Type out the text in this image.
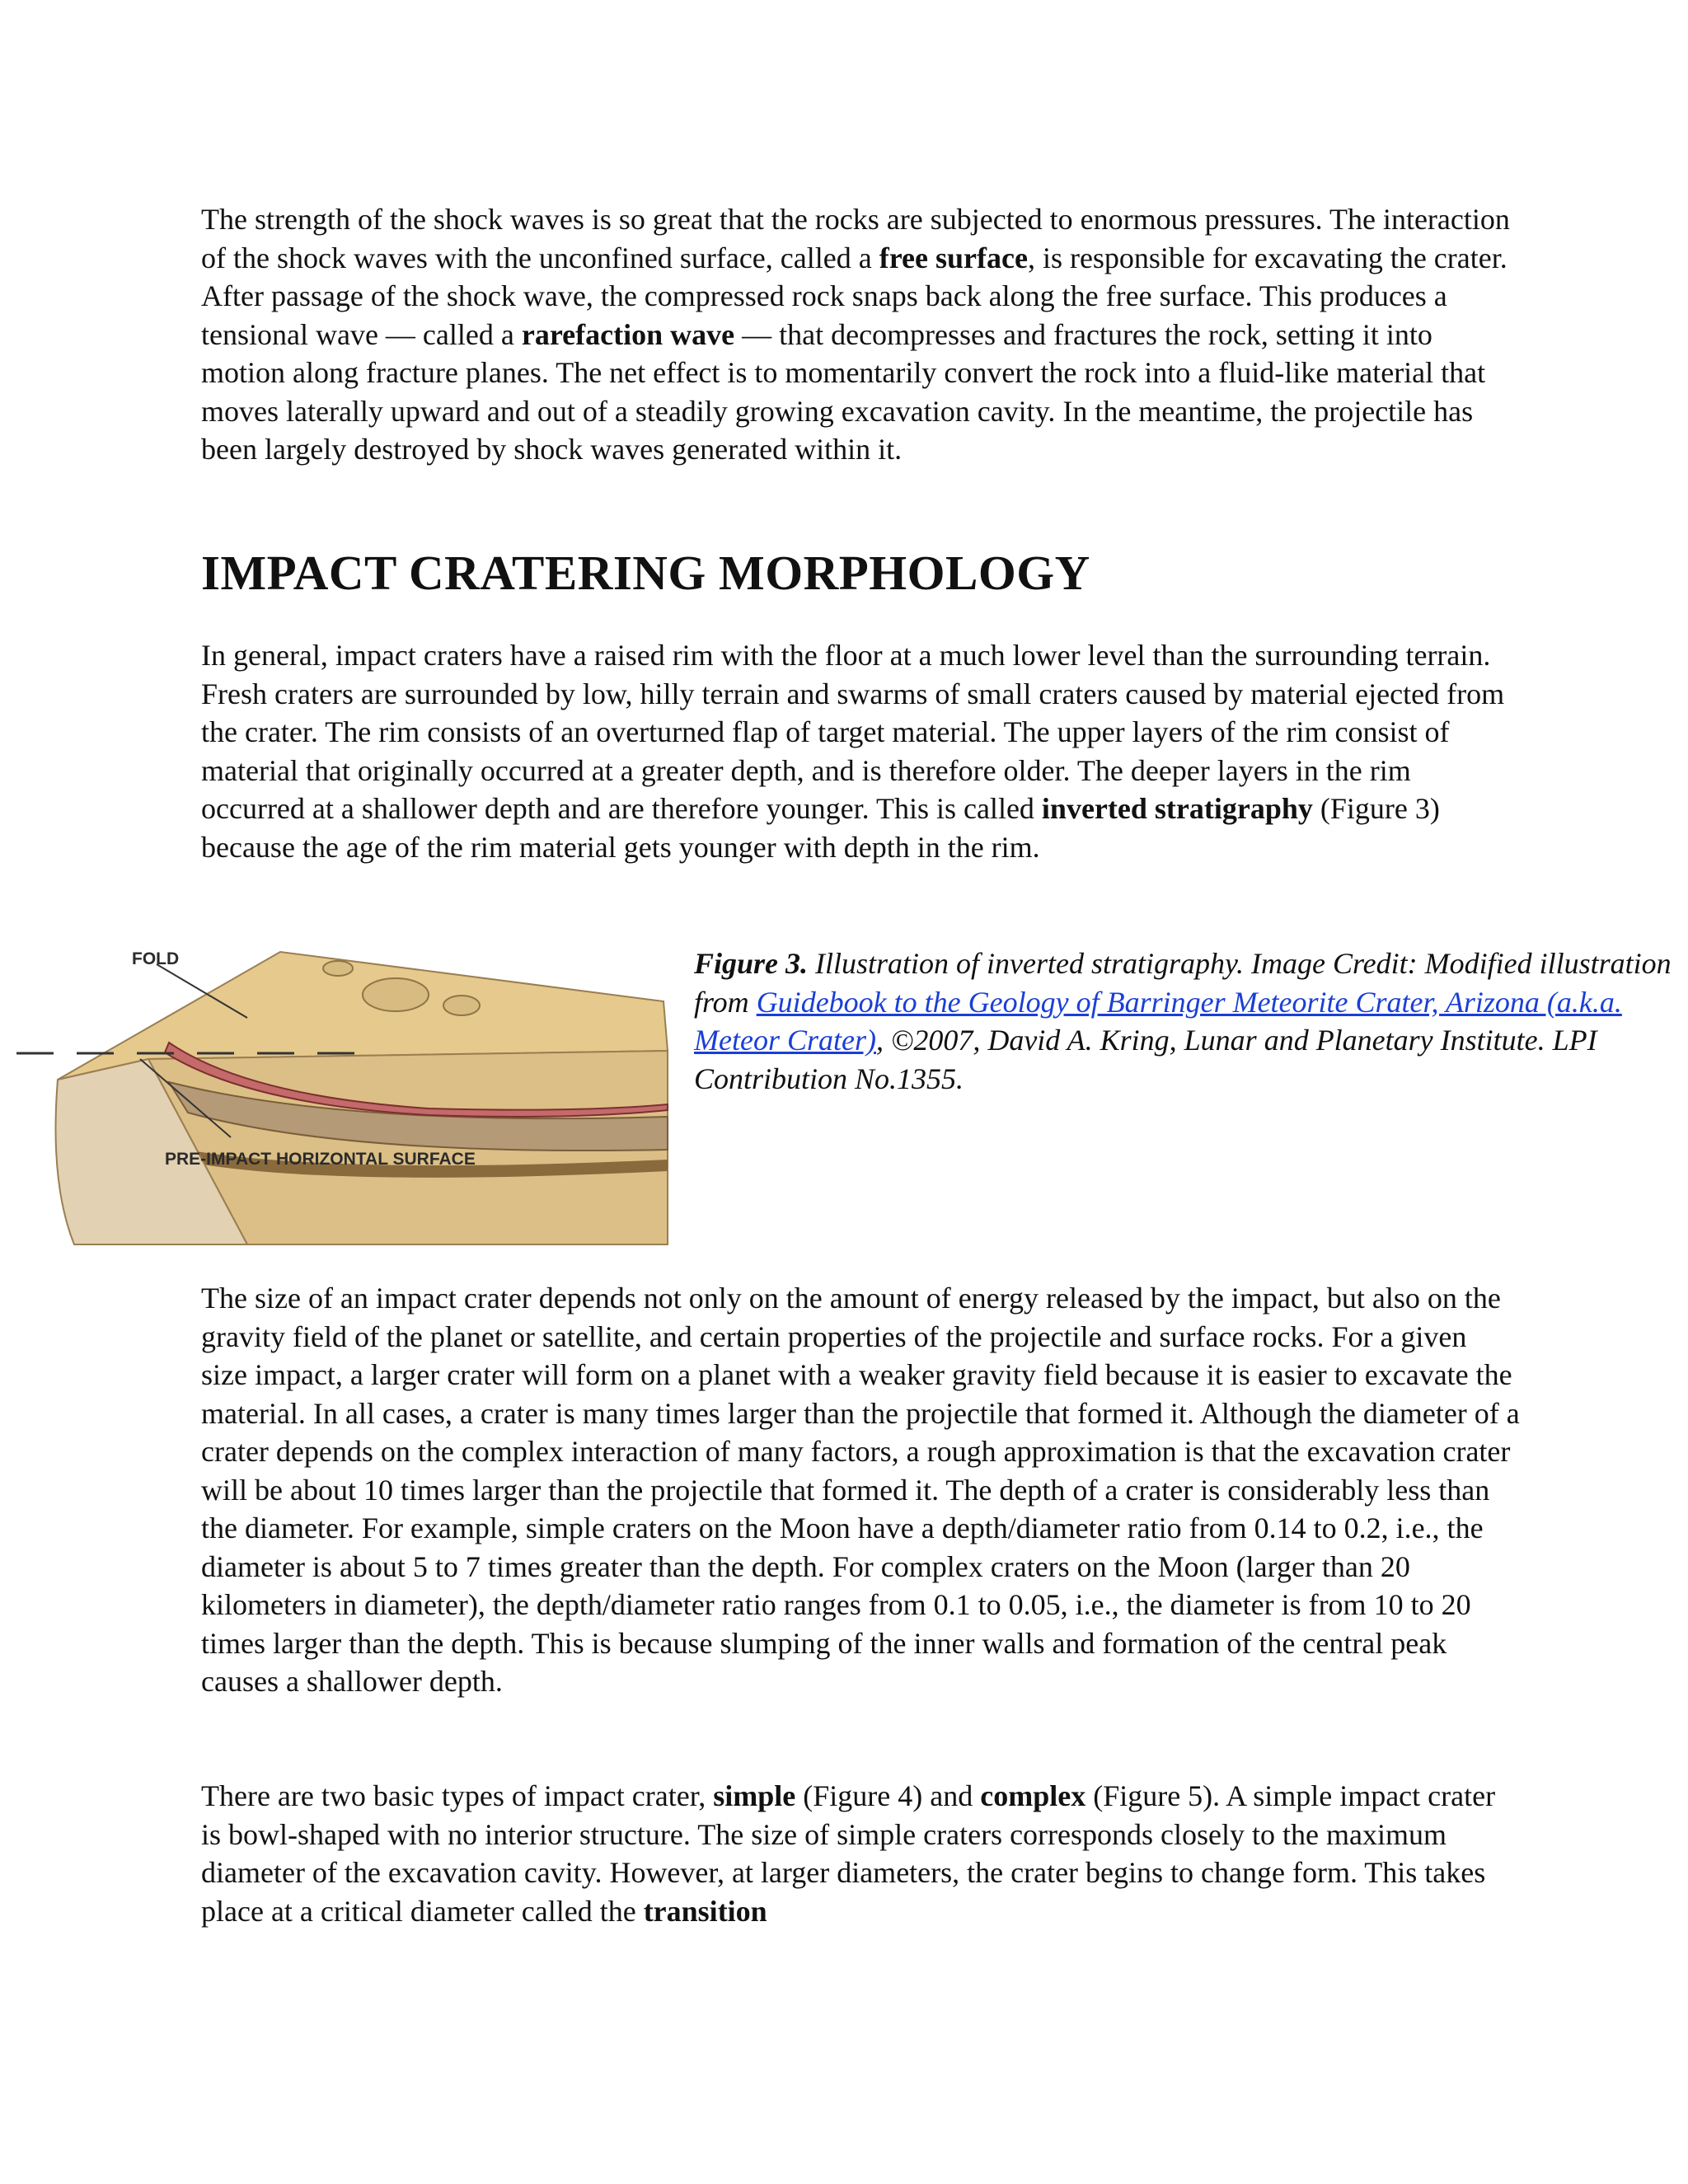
The strength of the shock waves is so great that the rocks are subjected to enormous pressures. The interaction of the shock waves with the unconfined surface, called a free surface, is responsible for excavating the crater. After passage of the shock wave, the compressed rock snaps back along the free surface. This produces a tensional wave — called a rarefaction wave — that decompresses and fractures the rock, setting it into motion along fracture planes. The net effect is to momentarily convert the rock into a fluid-like material that moves laterally upward and out of a steadily growing excavation cavity. In the meantime, the projectile has been largely destroyed by shock waves generated within it.

IMPACT CRATERING MORPHOLOGY

In general, impact craters have a raised rim with the floor at a much lower level than the surrounding terrain. Fresh craters are surrounded by low, hilly terrain and swarms of small craters caused by material ejected from the crater. The rim consists of an overturned flap of target material. The upper layers of the rim consist of material that originally occurred at a greater depth, and is therefore older. The deeper layers in the rim occurred at a shallower depth and are therefore younger. This is called inverted stratigraphy (Figure 3) because the age of the rim material gets younger with depth in the rim.

FOLD
PRE-IMPACT HORIZONTAL SURFACE

Figure 3. Illustration of inverted stratigraphy. Image Credit: Modified illustration from Guidebook to the Geology of Barringer Meteorite Crater, Arizona (a.k.a. Meteor Crater), ©2007, David A. Kring, Lunar and Planetary Institute. LPI Contribution No.1355.

The size of an impact crater depends not only on the amount of energy released by the impact, but also on the gravity field of the planet or satellite, and certain properties of the projectile and surface rocks. For a given size impact, a larger crater will form on a planet with a weaker gravity field because it is easier to excavate the material. In all cases, a crater is many times larger than the projectile that formed it. Although the diameter of a crater depends on the complex interaction of many factors, a rough approximation is that the excavation crater will be about 10 times larger than the projectile that formed it. The depth of a crater is considerably less than the diameter. For example, simple craters on the Moon have a depth/diameter ratio from 0.14 to 0.2, i.e., the diameter is about 5 to 7 times greater than the depth. For complex craters on the Moon (larger than 20 kilometers in diameter), the depth/diameter ratio ranges from 0.1 to 0.05, i.e., the diameter is from 10 to 20 times larger than the depth. This is because slumping of the inner walls and formation of the central peak causes a shallower depth.

There are two basic types of impact crater, simple (Figure 4) and complex (Figure 5). A simple impact crater is bowl-shaped with no interior structure. The size of simple craters corresponds closely to the maximum diameter of the excavation cavity. However, at larger diameters, the crater begins to change form. This takes place at a critical diameter called the transition
